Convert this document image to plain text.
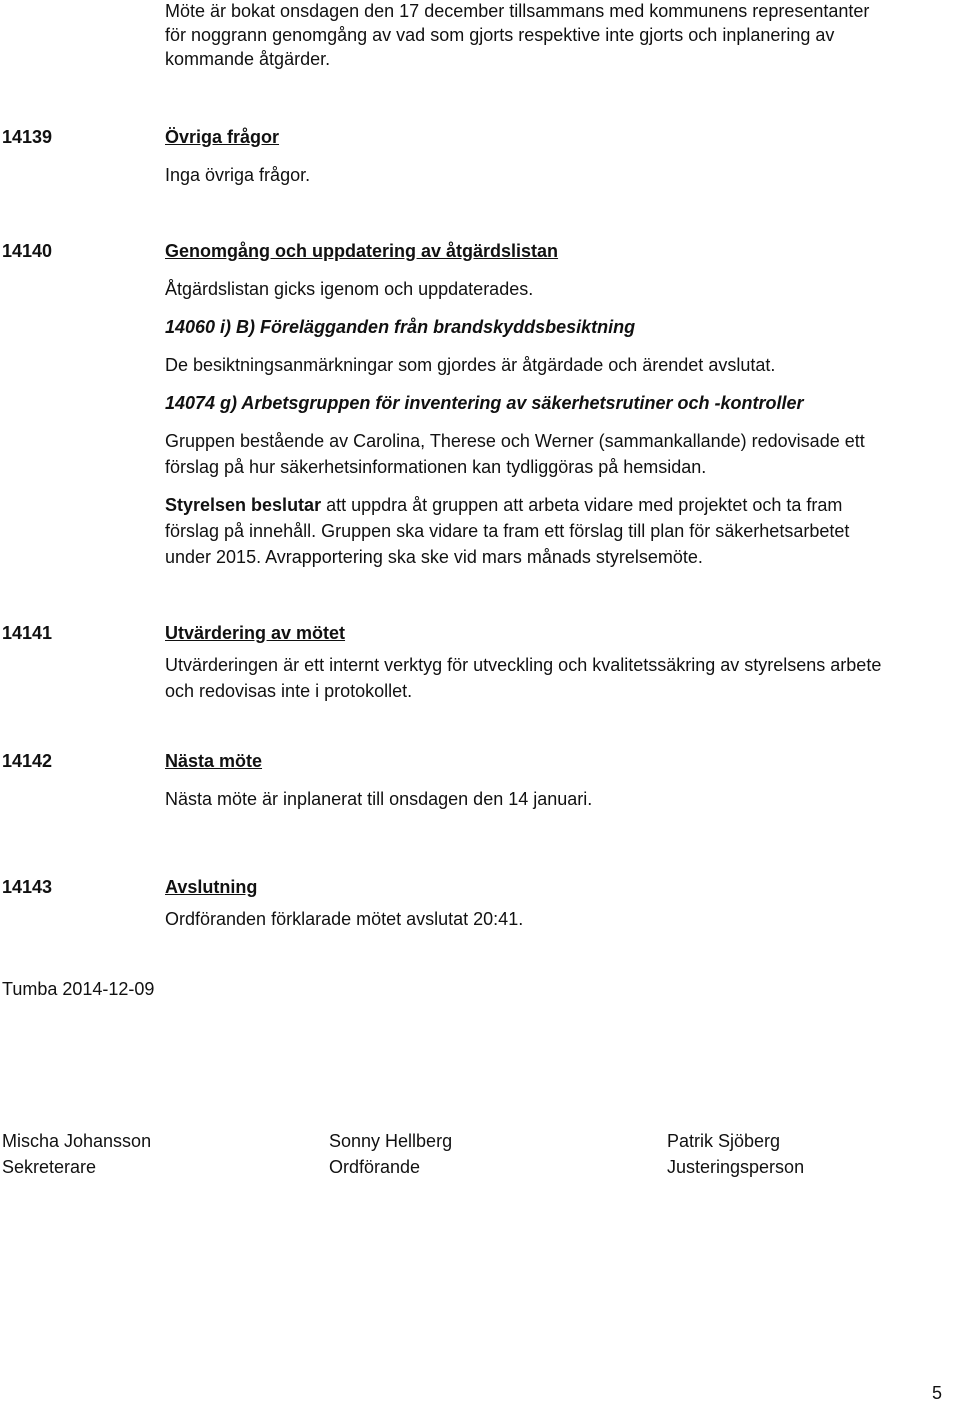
Möte är bokat onsdagen den 17 december tillsammans med kommunens representanter
för noggrann genomgång av vad som gjorts respektive inte gjorts och inplanering av
kommande åtgärder.
14139	Övriga frågor
Inga övriga frågor.
14140	Genomgång och uppdatering av åtgärdslistan
Åtgärdslistan gicks igenom och uppdaterades.
14060 i) B) Förelägganden från brandskyddsbesiktning
De besiktningsanmärkningar som gjordes är åtgärdade och ärendet avslutat.
14074 g) Arbetsgruppen för inventering av säkerhetsrutiner och -kontroller
Gruppen bestående av Carolina, Therese och Werner (sammankallande) redovisade ett
förslag på hur säkerhetsinformationen kan tydliggöras på hemsidan.
Styrelsen beslutar att uppdra åt gruppen att arbeta vidare med projektet och ta fram
förslag på innehåll. Gruppen ska vidare ta fram ett förslag till plan för säkerhetsarbetet
under 2015. Avrapportering ska ske vid mars månads styrelsemöte.
14141	Utvärdering av mötet
Utvärderingen är ett internt verktyg för utveckling och kvalitetssäkring av styrelsens arbete
och redovisas inte i protokollet.
14142	Nästa möte
Nästa möte är inplanerat till onsdagen den 14 januari.
14143	Avslutning
Ordföranden förklarade mötet avslutat 20:41.
Tumba 2014-12-09
Mischa Johansson
Sekreterare
Sonny Hellberg
Ordförande
Patrik Sjöberg
Justeringsperson
5
